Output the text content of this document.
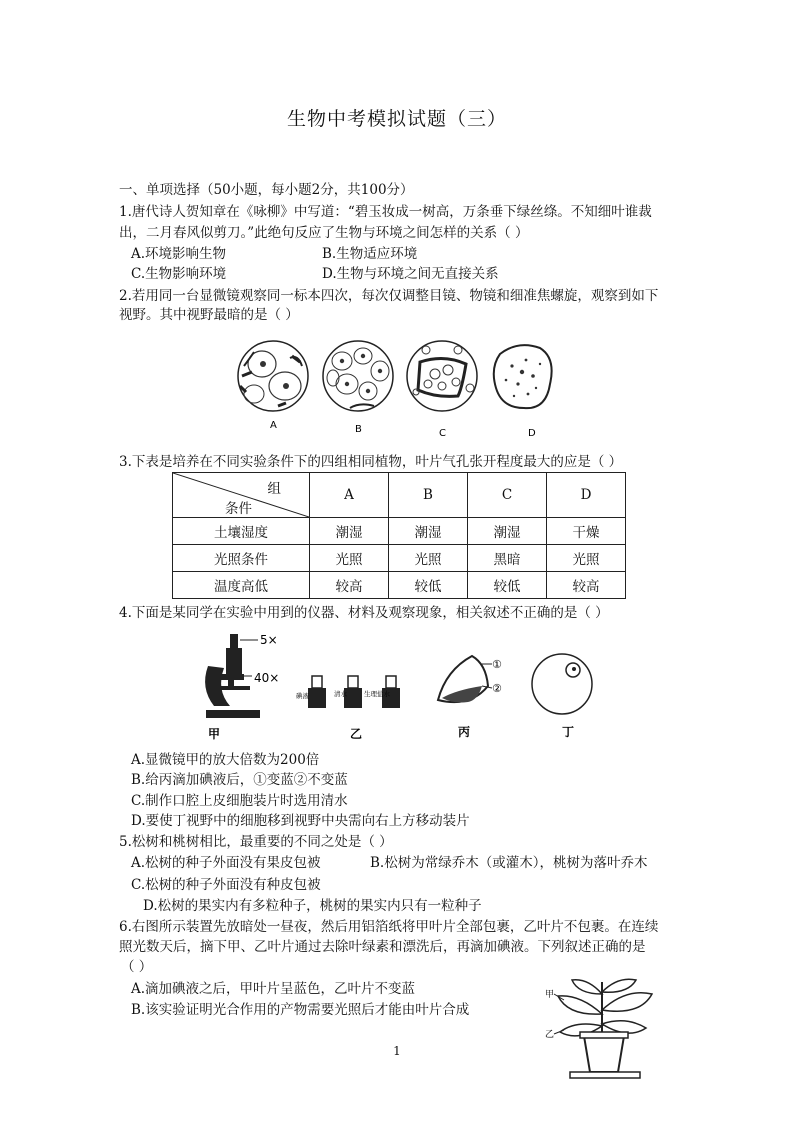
生物中考模拟试题（三）
一、单项选择（50小题，每小题2分，共100分）
1.唐代诗人贺知章在《咏柳》中写道：“碧玉妆成一树高，万条垂下绿丝绦。不知细叶谁裁
出，二月春风似剪刀。”此绝句反应了生物与环境之间怎样的关系（ ）
A.环境影响生物	B.生物适应环境
C.生物影响环境	D.生物与环境之间无直接关系
2.若用同一台显微镜观察同一标本四次，每次仅调整目镜、物镜和细准焦螺旋，观察到如下
视野。其中视野最暗的是（ ）
A	B	C	D
3.下表是培养在不同实验条件下的四组相同植物，叶片气孔张开程度最大的应是（ ）
组
条件	A	B	C	D
土壤湿度	潮湿	潮湿	潮湿	干燥
光照条件	光照	光照	黑暗	光照
温度高低	较高	较低	较低	较高
4.下面是某同学在实验中用到的仪器、材料及观察现象，相关叙述不正确的是（ ）
5×
40×
碘液	清水	生理盐水
①
②
甲	乙	丙	丁
A.显微镜甲的放大倍数为200倍
B.给丙滴加碘液后，①变蓝②不变蓝
C.制作口腔上皮细胞装片时选用清水
D.要使丁视野中的细胞移到视野中央需向右上方移动装片
5.松树和桃树相比，最重要的不同之处是（ ）
A.松树的种子外面没有果皮包被	B.松树为常绿乔木（或灌木），桃树为落叶乔木
C.松树的种子外面没有种皮包被
D.松树的果实内有多粒种子，桃树的果实内只有一粒种子
6.右图所示装置先放暗处一昼夜，然后用铝箔纸将甲叶片全部包裹，乙叶片不包裹。在连续
照光数天后，摘下甲、乙叶片通过去除叶绿素和漂洗后，再滴加碘液。下列叙述正确的是
（ ）
A.滴加碘液之后，甲叶片呈蓝色，乙叶片不变蓝
B.该实验证明光合作用的产物需要光照后才能由叶片合成
甲
乙
1
